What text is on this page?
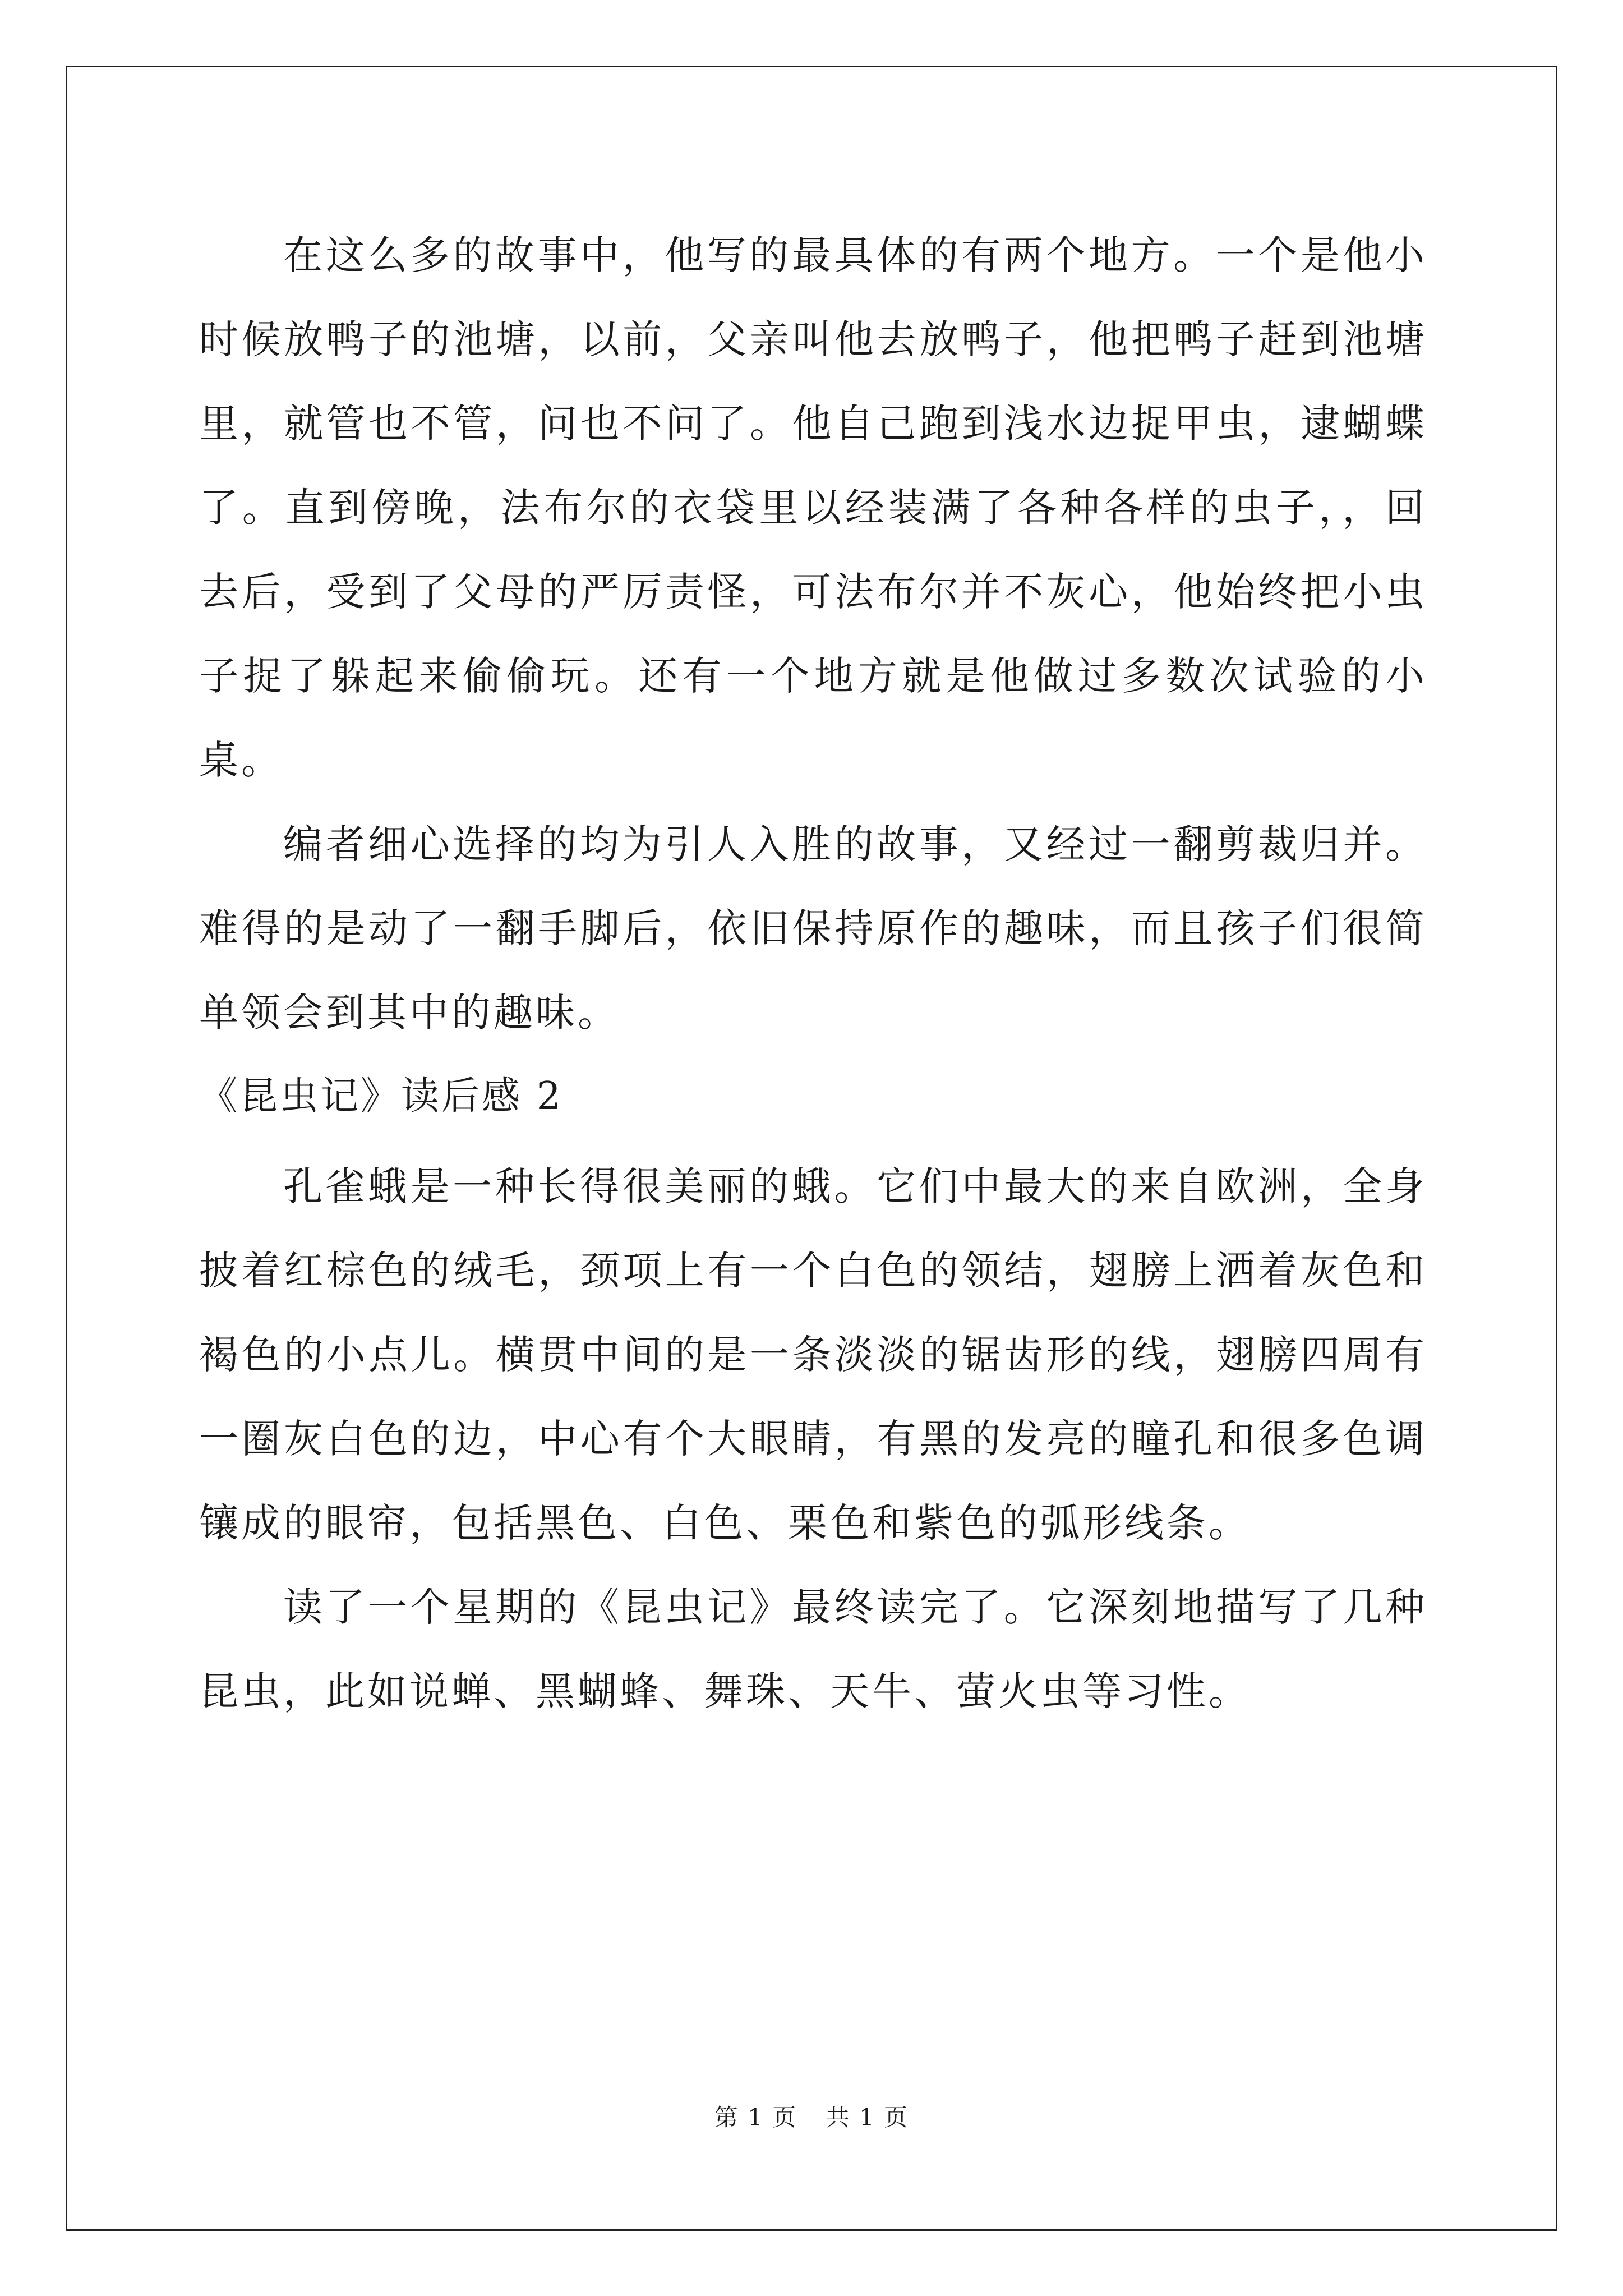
在这么多的故事中，他写的最具体的有两个地方。一个是他小时候放鸭子的池塘，以前，父亲叫他去放鸭子，他把鸭子赶到池塘里，就管也不管，问也不问了。他自己跑到浅水边捉甲虫，逮蝴蝶了。直到傍晚，法布尔的衣袋里以经装满了各种各样的虫子，，回去后，受到了父母的严厉责怪，可法布尔并不灰心，他始终把小虫子捉了躲起来偷偷玩。还有一个地方就是他做过多数次试验的小桌。

编者细心选择的均为引人入胜的故事，又经过一翻剪裁归并。难得的是动了一翻手脚后，依旧保持原作的趣味，而且孩子们很简单领会到其中的趣味。

《昆虫记》读后感 2

孔雀蛾是一种长得很美丽的蛾。它们中最大的来自欧洲，全身披着红棕色的绒毛，颈项上有一个白色的领结，翅膀上洒着灰色和褐色的小点儿。横贯中间的是一条淡淡的锯齿形的线，翅膀四周有一圈灰白色的边，中心有个大眼睛，有黑的发亮的瞳孔和很多色调镶成的眼帘，包括黑色、白色、栗色和紫色的弧形线条。

读了一个星期的《昆虫记》最终读完了。它深刻地描写了几种昆虫，此如说蝉、黑蝴蜂、舞珠、天牛、萤火虫等习性。

第 1 页 共 1 页
